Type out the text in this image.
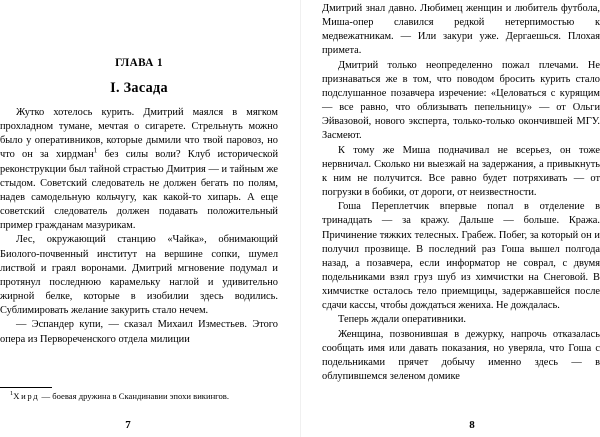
ГЛАВА 1
I. Засада

Жутко хотелось курить. Дмитрий маялся в мягком прохладном тумане, мечтая о сигарете. Стрельнуть можно было у оперативников, которые дымили что твой паровоз, но что он за хирдман$^1$ без силы воли? Клуб исторической реконструкции был тайной страстью Дмитрия — и тайным же стыдом. Советский следователь не должен бегать по полям, надев самодельную кольчугу, как какой-то хипарь. А еще советский следователь должен подавать положительный пример гражданам мазурикам.

Лес, окружающий станцию «Чайка», обнимающий Биолого-почвенный институт на вершине сопки, шумел листвой и граял воронами. Дмитрий мгновение подумал и протянул последнюю карамельку наглой и удивительно жирной белке, которые в изобилии здесь водились. Сублимировать желание закурить стало нечем.

— Эспандер купи, — сказал Михаил Изместьев. Этого опера из Первореченского отдела милиции

$^1$Хирд — боевая дружина в Скандинавии эпохи викингов.

7

Дмитрий знал давно. Любимец женщин и любитель футбола, Миша-опер славился редкой нетерпимостью к медвежатникам. — Или закури уже. Дергаешься. Плохая примета.

Дмитрий только неопределенно пожал плечами. Не признаваться же в том, что поводом бросить курить стало подслушанное позавчера изречение: «Целоваться с курящим — все равно, что облизывать пепельницу» — от Ольги Эйвазовой, нового эксперта, только-только окончившей МГУ. Засмеют.

К тому же Миша подначивал не всерьез, он тоже нервничал. Сколько ни выезжай на задержания, а привыкнуть к ним не получится. Все равно будет потряхивать — от погрузки в бобики, от дороги, от неизвестности.

Гоша Переплетчик впервые попал в отделение в тринадцать — за кражу. Дальше — больше. Кража. Причинение тяжких телесных. Грабеж. Побег, за который он и получил прозвище. В последний раз Гоша вышел полгода назад, а позавчера, если информатор не соврал, с двумя подельниками взял груз шуб из химчистки на Снеговой. В химчистке осталось тело приемщицы, задержавшейся после сдачи кассы, чтобы дождаться жениха. Не дождалась.

Теперь ждали оперативники.

Женщина, позвонившая в дежурку, напрочь отказалась сообщать имя или давать показания, но уверяла, что Гоша с подельниками прячет добычу именно здесь — в облупившемся зеленом домике

8
